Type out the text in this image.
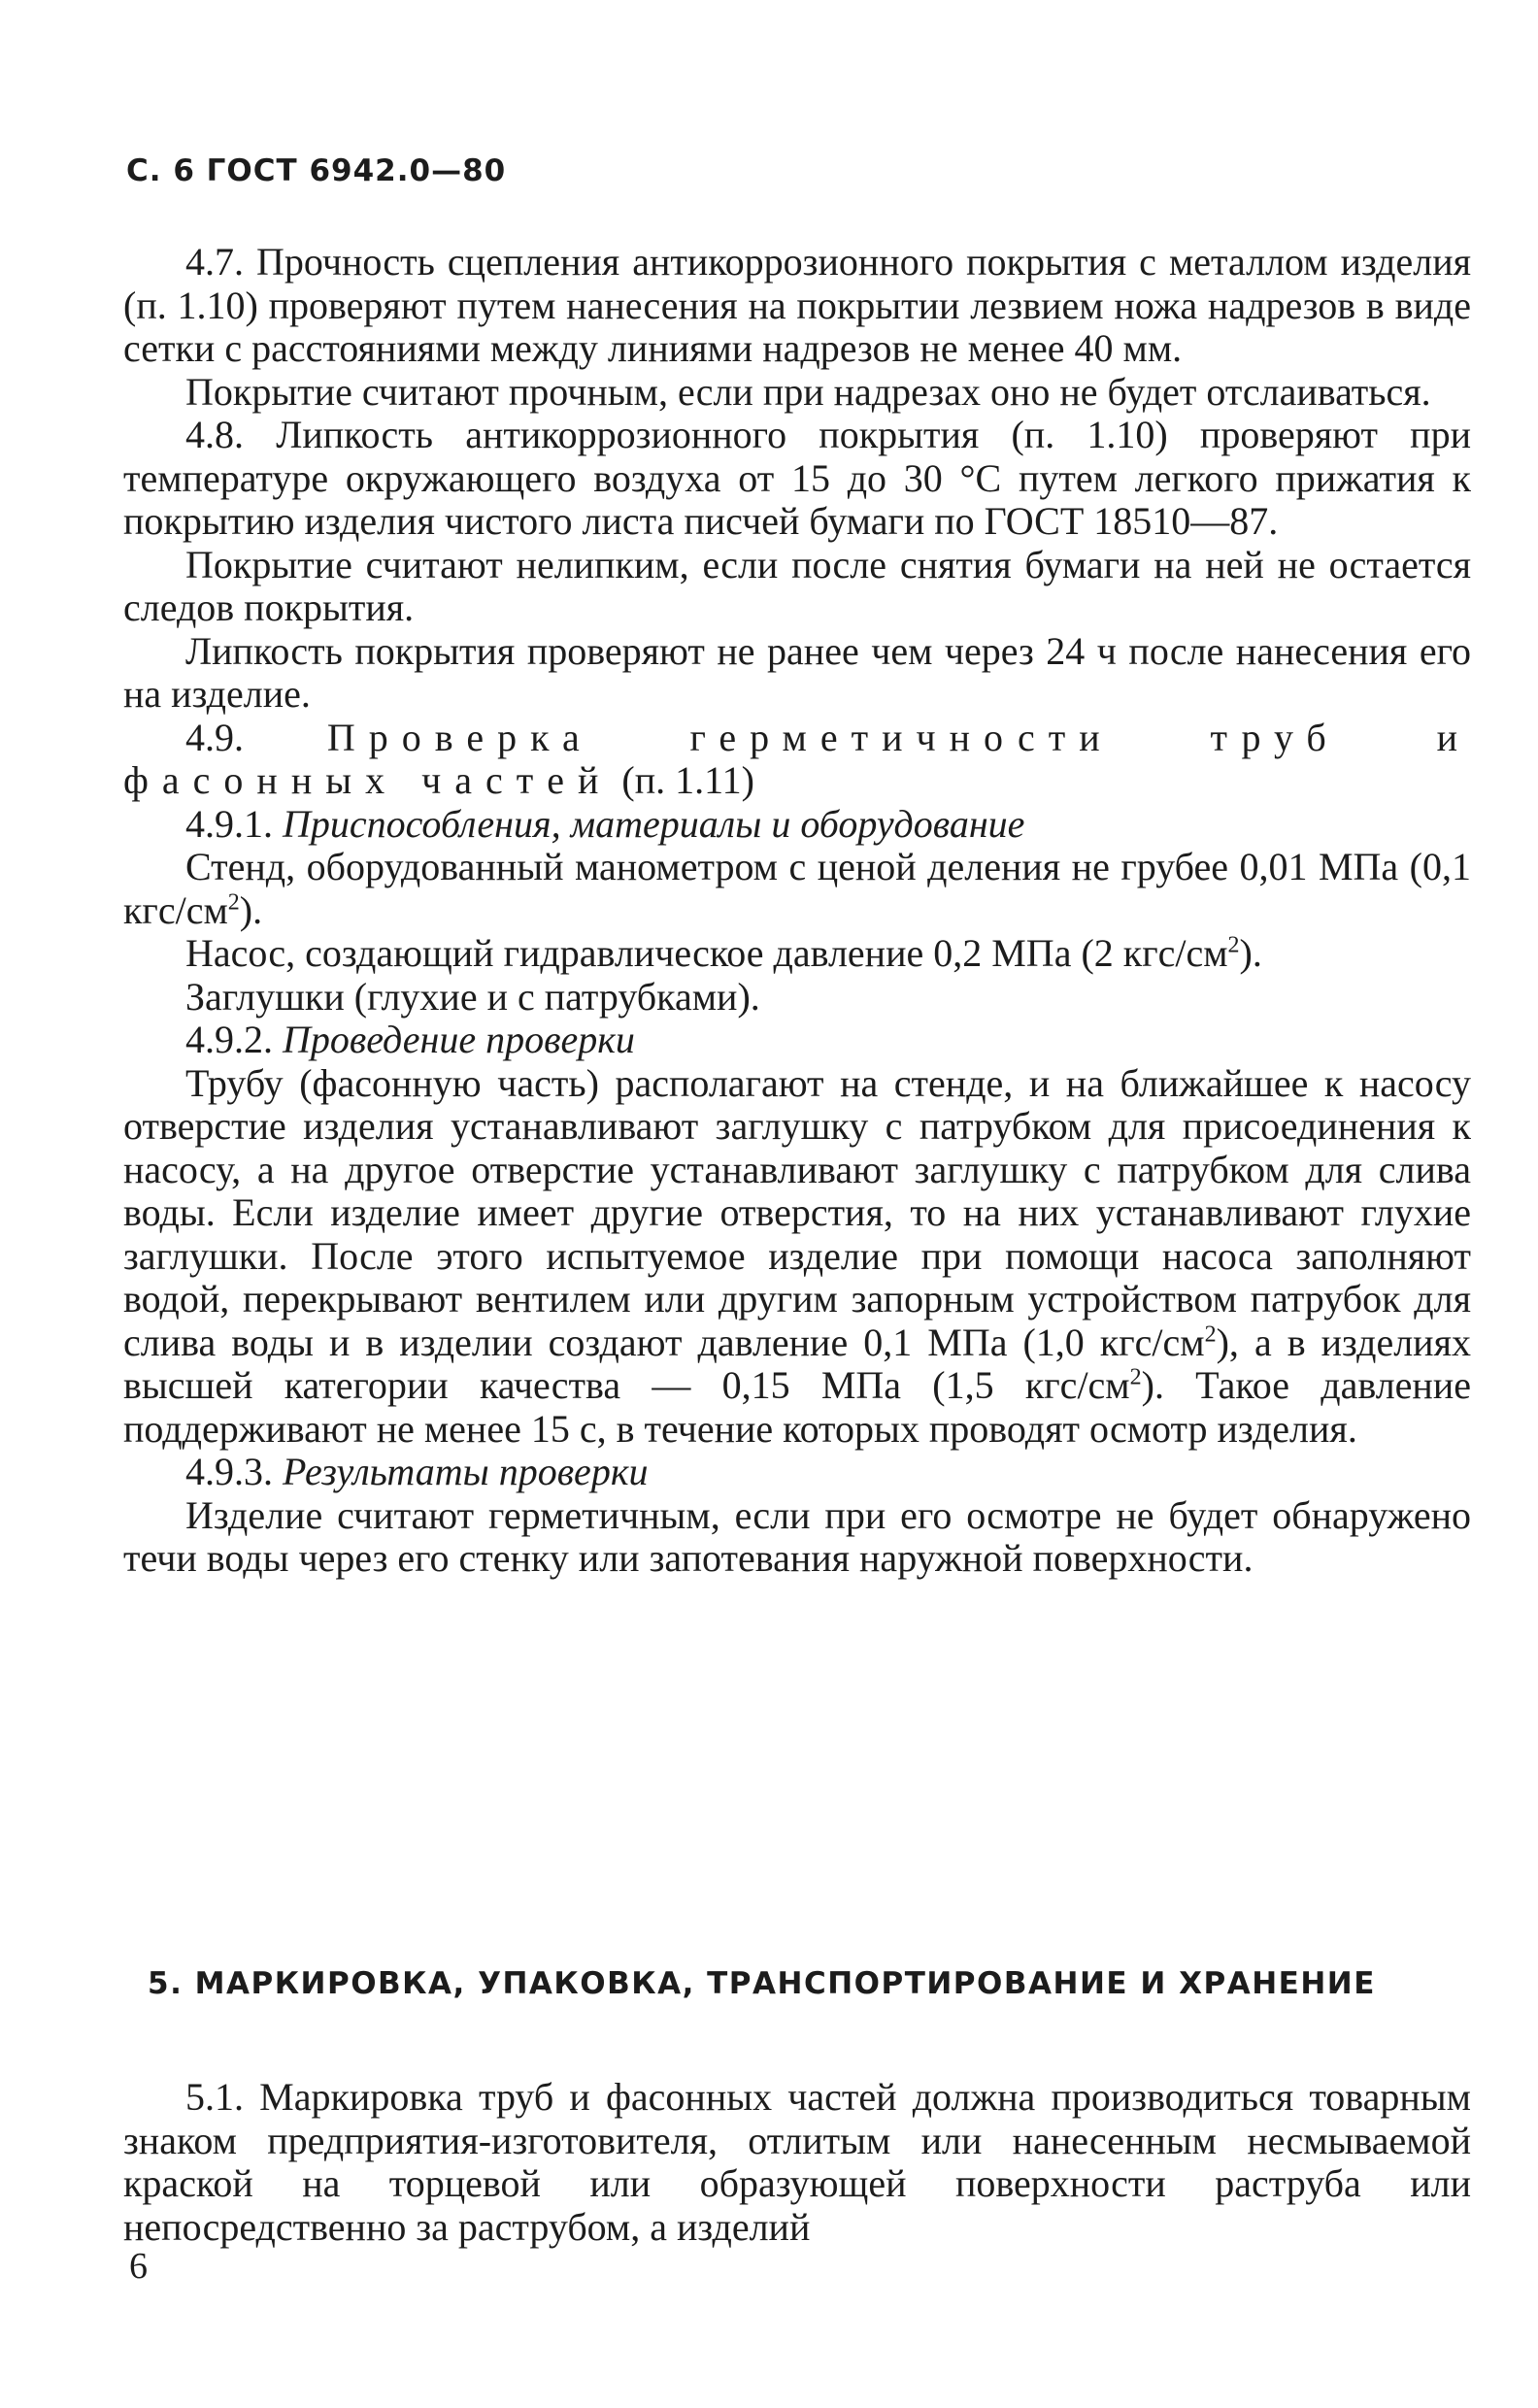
С. 6 ГОСТ 6942.0—80

4.7. Прочность сцепления антикоррозионного покрытия с металлом изделия (п. 1.10) проверяют путем нанесения на покрытии лезвием ножа надрезов в виде сетки с расстояниями между линиями надрезов не менее 40 мм.

Покрытие считают прочным, если при надрезах оно не будет отслаиваться.

4.8. Липкость антикоррозионного покрытия (п. 1.10) проверяют при температуре окружающего воздуха от 15 до 30 °С путем легкого прижатия к покрытию изделия чистого листа писчей бумаги по ГОСТ 18510—87.

Покрытие считают нелипким, если после снятия бумаги на ней не остается следов покрытия.

Липкость покрытия проверяют не ранее чем через 24 ч после нанесения его на изделие.

4.9. Проверка герметичности труб и фасонных частей (п. 1.11)

4.9.1. Приспособления, материалы и оборудование

Стенд, оборудованный манометром с ценой деления не грубее 0,01 МПа (0,1 кгс/$см^2$).

Насос, создающий гидравлическое давление 0,2 МПа (2 кгс/$см^2$).

Заглушки (глухие и с патрубками).

4.9.2. Проведение проверки

Трубу (фасонную часть) располагают на стенде, и на ближайшее к насосу отверстие изделия устанавливают заглушку с патрубком для присоединения к насосу, а на другое отверстие устанавливают заглушку с патрубком для слива воды. Если изделие имеет другие отверстия, то на них устанавливают глухие заглушки. После этого испытуемое изделие при помощи насоса заполняют водой, перекрывают вентилем или другим запорным устройством патрубок для слива воды и в изделии создают давление 0,1 МПа (1,0 кгс/$см^2$), а в изделиях высшей категории качества — 0,15 МПа (1,5 кгс/$см^2$). Такое давление поддерживают не менее 15 с, в течение которых проводят осмотр изделия.

4.9.3. Результаты проверки

Изделие считают герметичным, если при его осмотре не будет обнаружено течи воды через его стенку или запотевания наружной поверхности.

5. МАРКИРОВКА, УПАКОВКА, ТРАНСПОРТИРОВАНИЕ И ХРАНЕНИЕ

5.1. Маркировка труб и фасонных частей должна производиться товарным знаком предприятия-изготовителя, отлитым или нанесенным несмываемой краской на торцевой или образующей поверхности раструба или непосредственно за раструбом, а изделий

6
